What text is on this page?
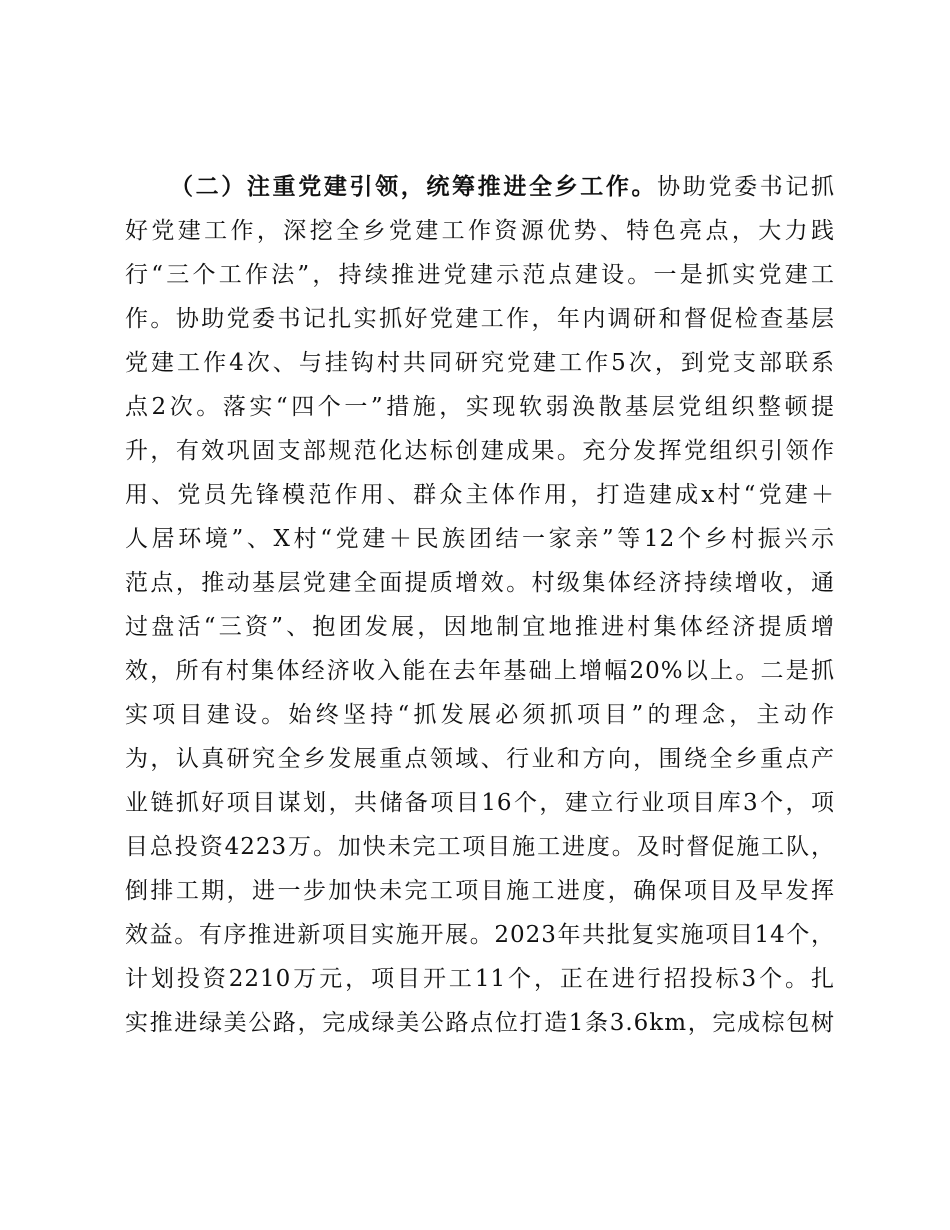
（二）注重党建引领，统筹推进全乡工作。协助党委书记抓
好党建工作，深挖全乡党建工作资源优势、特色亮点，大力践
行“三个工作法”，持续推进党建示范点建设。一是抓实党建工
作。协助党委书记扎实抓好党建工作，年内调研和督促检查基层
党建工作4次、与挂钩村共同研究党建工作5次，到党支部联系
点2次。落实“四个一”措施，实现软弱涣散基层党组织整顿提
升，有效巩固支部规范化达标创建成果。充分发挥党组织引领作
用、党员先锋模范作用、群众主体作用，打造建成x村“党建＋
人居环境”、X村“党建＋民族团结一家亲”等12个乡村振兴示
范点，推动基层党建全面提质增效。村级集体经济持续增收，通
过盘活“三资”、抱团发展，因地制宜地推进村集体经济提质增
效，所有村集体经济收入能在去年基础上增幅20%以上。二是抓
实项目建设。始终坚持“抓发展必须抓项目”的理念，主动作
为，认真研究全乡发展重点领域、行业和方向，围绕全乡重点产
业链抓好项目谋划，共储备项目16个，建立行业项目库3个，项
目总投资4223万。加快未完工项目施工进度。及时督促施工队，
倒排工期，进一步加快未完工项目施工进度，确保项目及早发挥
效益。有序推进新项目实施开展。2023年共批复实施项目14个，
计划投资2210万元，项目开工11个，正在进行招投标3个。扎
实推进绿美公路，完成绿美公路点位打造1条3.6km，完成棕包树
